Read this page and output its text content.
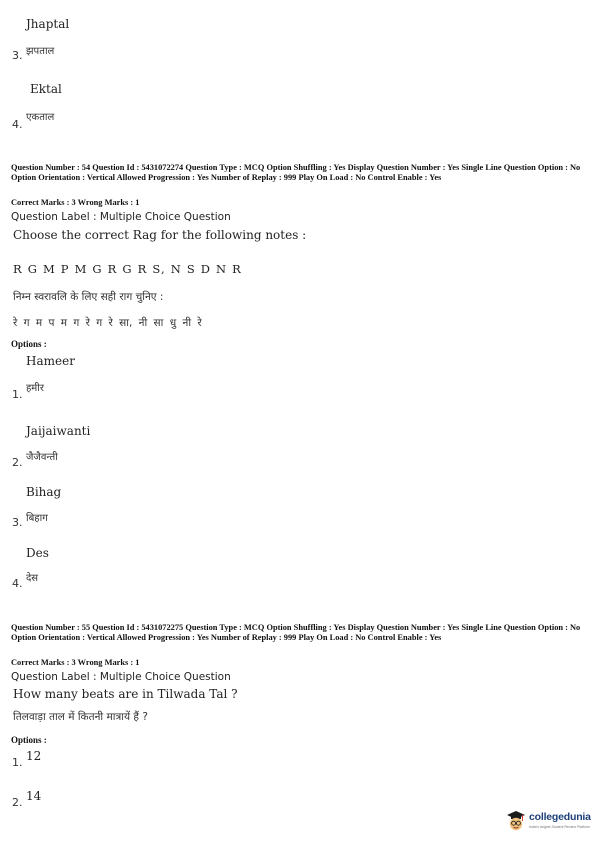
Jhaptal
3. झपताल
Ektal
4.
एकताल
Question Number : 54 Question Id : 5431072274 Question Type : MCQ Option Shuffling : Yes Display Question Number : Yes Single Line Question Option : No Option Orientation : Vertical Allowed Progression : Yes Number of Replay : 999 Play On Load : No Control Enable : Yes
Correct Marks : 3 Wrong Marks : 1
Question Label : Multiple Choice Question
Choose the correct Rag for the following notes :
R G M P M G R G R S, N S D N R
निम्न स्वरावलि के लिए सही राग चुनिए :
रे ग म प म ग रे ग रे सा, नी सा धु नी रे
Options :
Hameer
1. हमीर
Jaijaiwanti
2. जैजैवन्ती
Bihag
3. बिहाग
Des
4. देस
Question Number : 55 Question Id : 5431072275 Question Type : MCQ Option Shuffling : Yes Display Question Number : Yes Single Line Question Option : No Option Orientation : Vertical Allowed Progression : Yes Number of Replay : 999 Play On Load : No Control Enable : Yes
Correct Marks : 3 Wrong Marks : 1
Question Label : Multiple Choice Question
How many beats are in Tilwada Tal ?
तिलवाड़ा ताल में कितनी मात्रायें हैं ?
Options :
1. 12
2. 14
collegedunia
India's largest Student Review Platform
